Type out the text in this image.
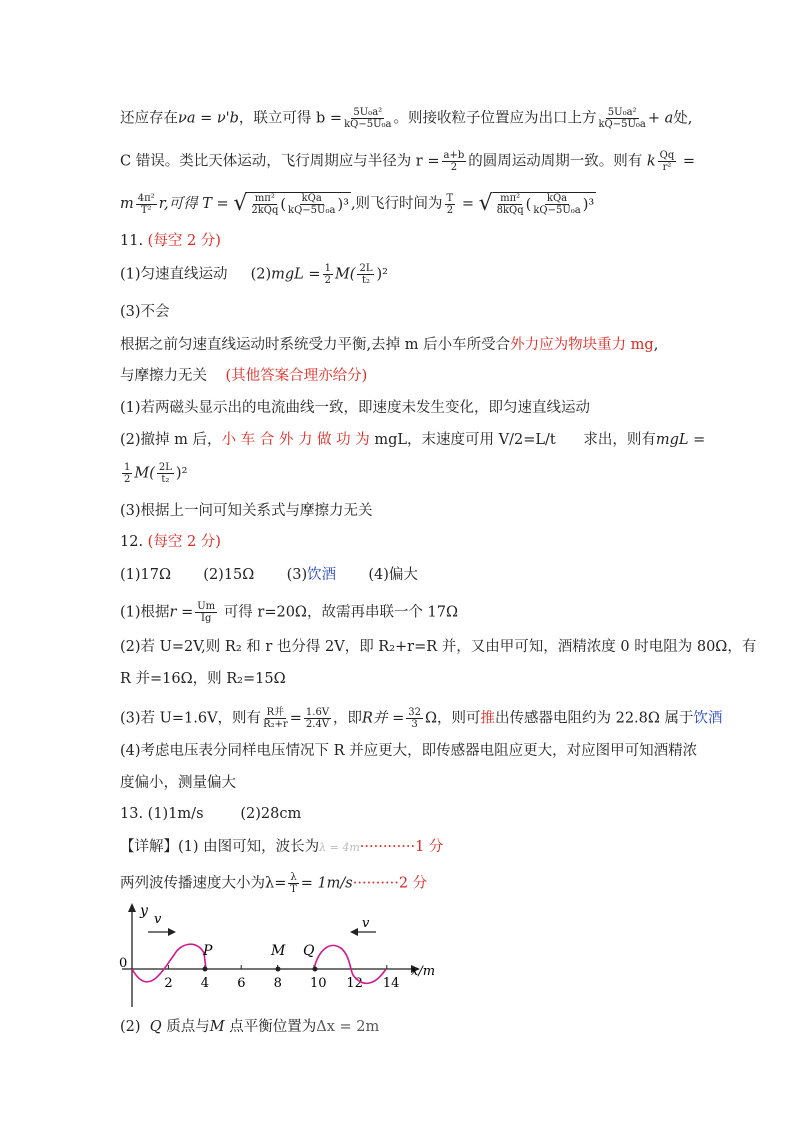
还应存在νa = ν'b，联立可得 $b = \frac{\text{5U₀a²}}{\text{kQ−5U₀a}}$ 。则接收粒子位置应为出口上方 $\frac{\text{5U₀a²}}{\text{kQ−5U₀a}} + a$处,
C 错误。类比天体运动，飞行周期应与半径为 $r = \frac{a+b}{2}$ 的圆周运动周期一致。则有 k $\frac{Qq}{\text{r²}}$ =
m $\frac{\text{4π²}}{\text{T²}} r$,可得 T = √ $\frac{\text{mπ²}}{\text{2kQq}}$ ( $\frac{\text{kQa}}{\text{kQ−5U₀a}} )^3$ ,则飞行时间为 $\frac{T}{2}$ = √ $\frac{\text{mπ²}}{\text{8kQq}}$ ( $\frac{\text{kQa}}{\text{kQ−5U₀a}} )^3$
11. (每空 2 分)
(1)匀速直线运动 $(2)mgL = \frac{1}{2} M( \frac{2L}{\text{t₂}} )^2$
(3)不会
根据之前匀速直线运动时系统受力平衡,去掉 m 后小车所受合外力应为物块重力 mg,
与摩擦力无关 (其他答案合理亦给分)
(1)若两磁头显示出的电流曲线一致，即速度未发生变化，即匀速直线运动
(2)撤掉 m 后，小 车 合 外 力 做 功 为 mgL，末速度可用 V/2=L/t 求出，则有mgL =
$\frac{1}{2} M( \frac{2L}{\text{t₂}} )^2$
(3)根据上一问可知关系式与摩擦力无关
12. (每空 2 分)
(1)17Ω (2)15Ω (3)饮酒 (4)偏大
(1)根据$r = \frac{Um}{Ig}$ 可得 r=20Ω，故需再串联一个 17Ω
(2)若 U=2V,则 R₂ 和 r 也分得 2V，即 R₂+r=R 并，又由甲可知，酒精浓度 0 时电阻为 80Ω，有
R 并=16Ω，则 R₂=15Ω
(3)若 U=1.6V，则有 $\frac{\text{R并}}{\text{R₂+r}} = \frac{1.6V}{2.4V}$ ，即R并 = $\frac{32}{3}$ Ω，则可推出传感器电阻约为 22.8Ω 属于饮酒
(4)考虑电压表分同样电压情况下 R 并应更大，即传感器电阻应更大，对应图甲可知酒精浓
度偏小，测量偏大
13. (1)1m/s        (2)28cm
【详解】(1) 由图可知，波长为λ = 4m············1 分
两列波传播速度大小为$\lambda= \frac{\lambda}{T} = 1m/s\cdot\cdot\cdot\cdot\cdot\cdot\cdot\cdot\cdot\cdot 2$ 分
y
x/m
0
2 4 6 8 10 12 14
P	M Q
v	v
(2) Q 质点与M 点平衡位置为Δx = 2m
